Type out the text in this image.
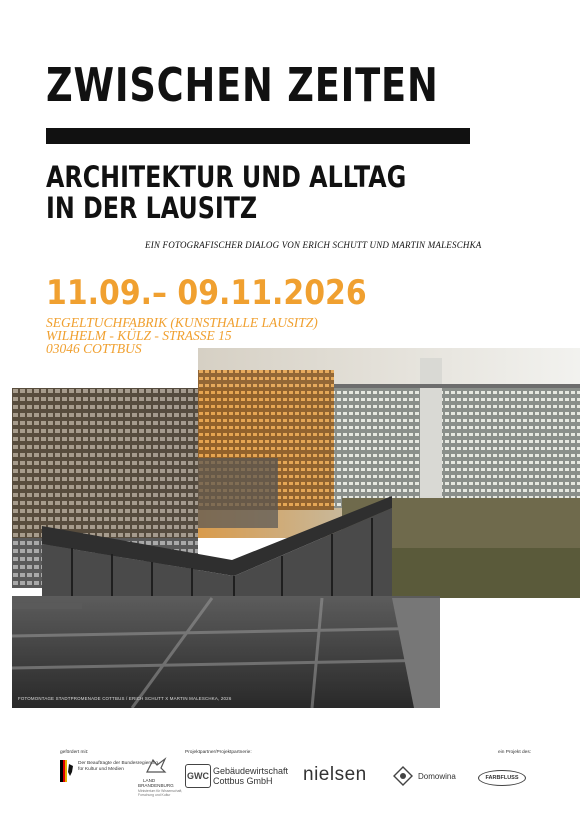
ZWISCHEN ZEITEN
ARCHITEKTUR UND ALLTAG
IN DER LAUSITZ
EIN FOTOGRAFISCHER DIALOG VON ERICH SCHUTT UND MARTIN MALESCHKA
11.09.– 09.11.2026
SEGELTUCHFABRIK (KUNSTHALLE LAUSITZ)
WILHELM - KÜLZ - STRASSE 15
03046 COTTBUS
FOTOMONTAGE STADTPROMENADE COTTBUS / ERICH SCHUTT X MARTIN MALESCHKA, 2026
gefördert mit:
Der Beauftragte der Bundesregierung
für Kultur und Medien
LAND
BRANDENBURG
Ministerium für Wissenschaft,
Forschung und Kultur
Projektpartner/Projektpartnerie:
GWC Gebäudewirtschaft
Cottbus GmbH nielsen	Domowina
ein Projekt des:
FARBFLUSS
